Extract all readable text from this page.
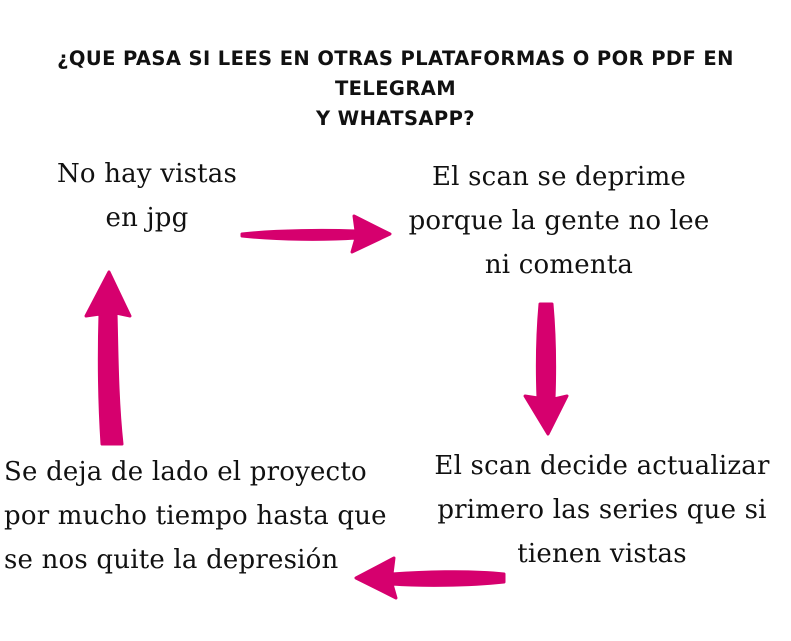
¿QUE PASA SI LEES EN OTRAS PLATAFORMAS O POR PDF EN TELEGRAM
Y WHATSAPP?
No hay vistas
en jpg
El scan se deprime
porque la gente no lee
ni comenta
El scan decide actualizar
primero las series que si
tienen vistas
Se deja de lado el proyecto
por mucho tiempo hasta que
se nos quite la depresión
